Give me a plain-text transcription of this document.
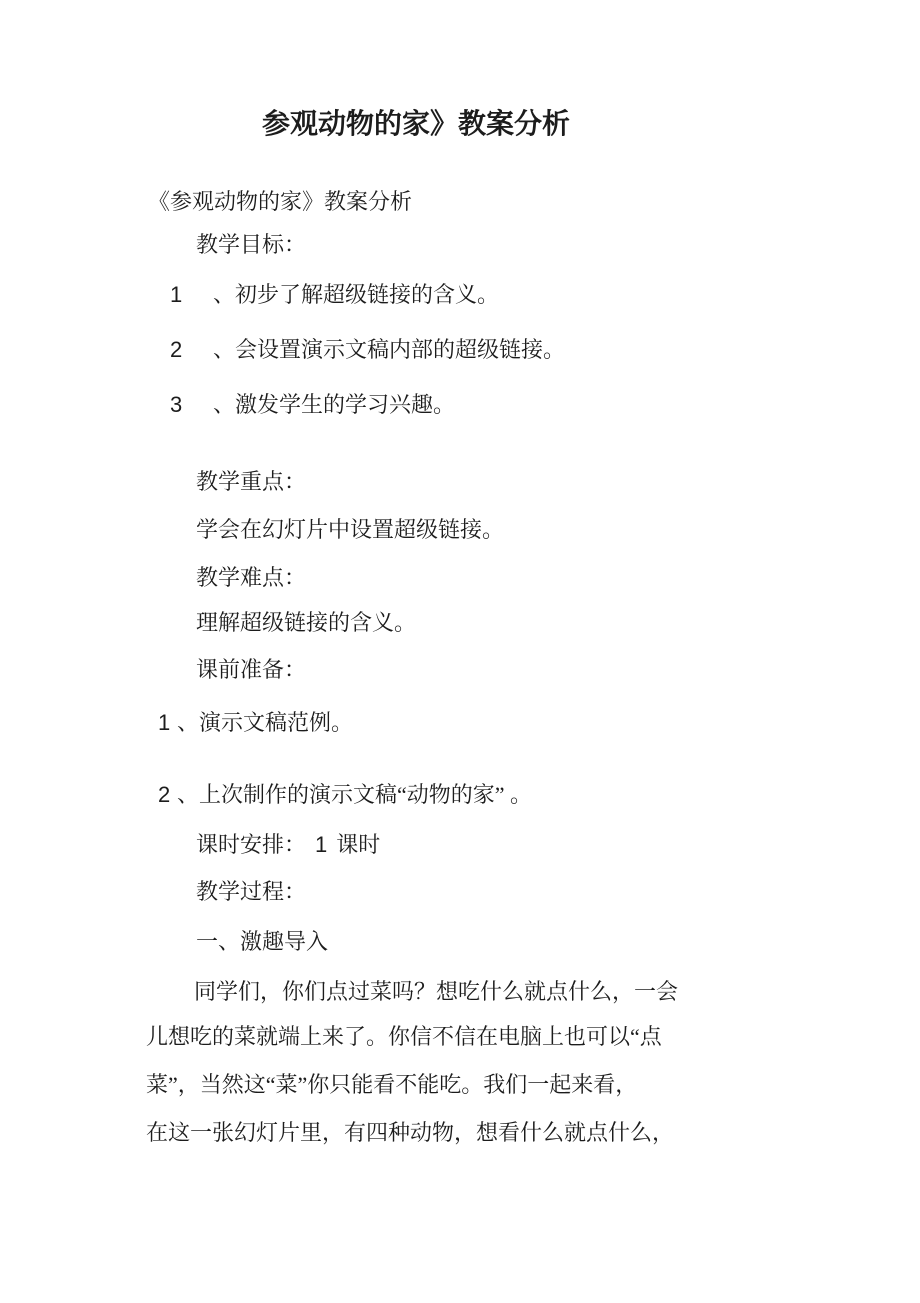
参观动物的家》教案分析
《参观动物的家》教案分析
教学目标：
1 、初步了解超级链接的含义。
2 、会设置演示文稿内部的超级链接。
3 、激发学生的学习兴趣。
教学重点：
学会在幻灯片中设置超级链接。
教学难点：
理解超级链接的含义。
课前准备：
1 、演示文稿范例。
2 、上次制作的演示文稿“动物的家” 。
课时安排： 1 课时
教学过程：
一、激趣导入
同学们，你们点过菜吗？想吃什么就点什么，一会
儿想吃的菜就端上来了。你信不信在电脑上也可以“点
菜”，当然这“菜”你只能看不能吃。我们一起来看，
在这一张幻灯片里，有四种动物，想看什么就点什么，
